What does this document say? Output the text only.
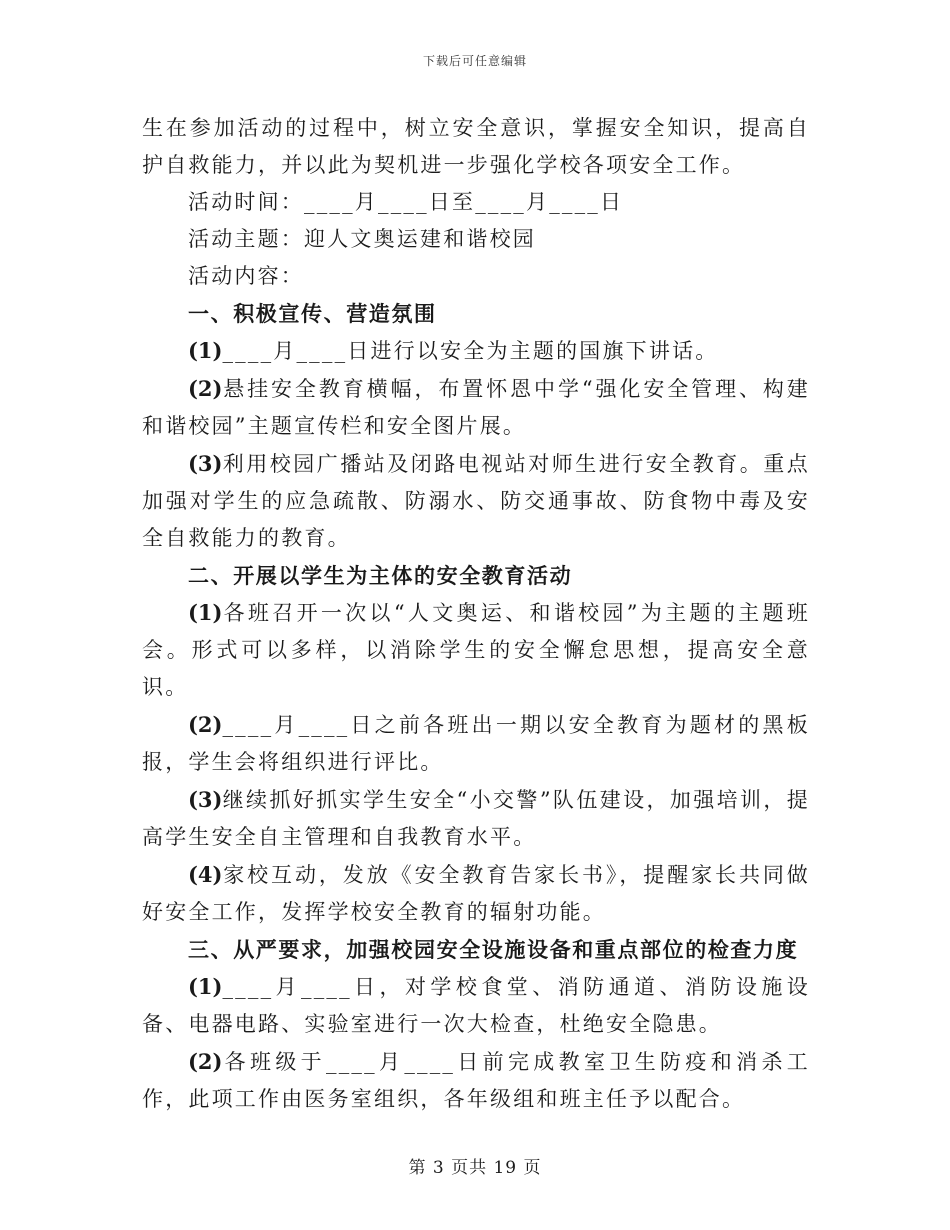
下载后可任意编辑

生在参加活动的过程中，树立安全意识，掌握安全知识，提高自护自救能力，并以此为契机进一步强化学校各项安全工作。

活动时间：____月____日至____月____日

活动主题：迎人文奥运建和谐校园

活动内容：

一、积极宣传、营造氛围

(1)____月____日进行以安全为主题的国旗下讲话。

(2)悬挂安全教育横幅，布置怀恩中学“强化安全管理、构建和谐校园”主题宣传栏和安全图片展。

(3)利用校园广播站及闭路电视站对师生进行安全教育。重点加强对学生的应急疏散、防溺水、防交通事故、防食物中毒及安全自救能力的教育。

二、开展以学生为主体的安全教育活动

(1)各班召开一次以“人文奥运、和谐校园”为主题的主题班会。形式可以多样，以消除学生的安全懈怠思想，提高安全意识。

(2)____月____日之前各班出一期以安全教育为题材的黑板报，学生会将组织进行评比。

(3)继续抓好抓实学生安全“小交警”队伍建设，加强培训，提高学生安全自主管理和自我教育水平。

(4)家校互动，发放《安全教育告家长书》，提醒家长共同做好安全工作，发挥学校安全教育的辐射功能。

三、从严要求，加强校园安全设施设备和重点部位的检查力度

(1)____月____日，对学校食堂、消防通道、消防设施设备、电器电路、实验室进行一次大检查，杜绝安全隐患。

(2)各班级于____月____日前完成教室卫生防疫和消杀工作，此项工作由医务室组织，各年级组和班主任予以配合。

第 3 页共 19 页
